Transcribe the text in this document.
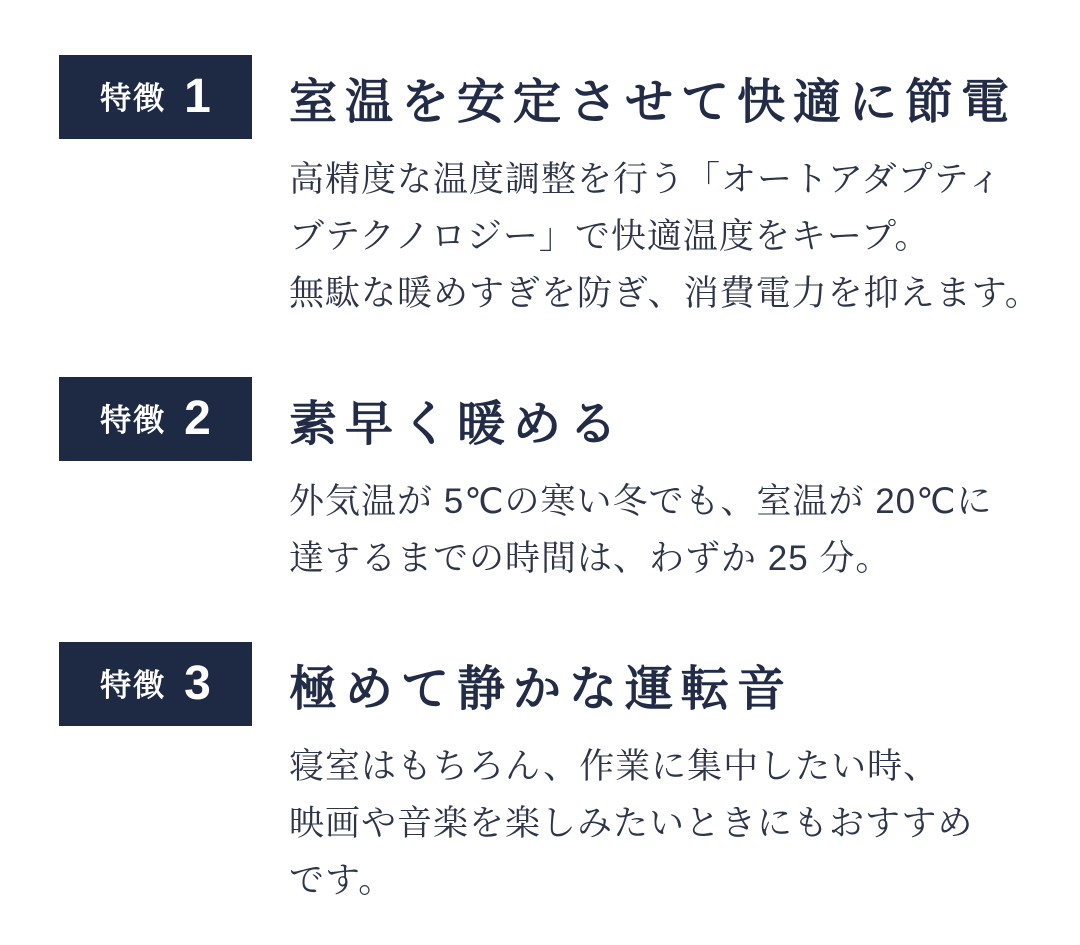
特徴 1 室温を安定させて快適に節電
高精度な温度調整を行う「オートアダプティ
ブテクノロジー」で快適温度をキープ。
無駄な暖めすぎを防ぎ、消費電力を抑えます。
特徴 2 素早く暖める
外気温が 5℃の寒い冬でも、室温が 20℃に
達するまでの時間は、わずか 25 分。
特徴 3 極めて静かな運転音
寝室はもちろん、作業に集中したい時、
映画や音楽を楽しみたいときにもおすすめ
です。
